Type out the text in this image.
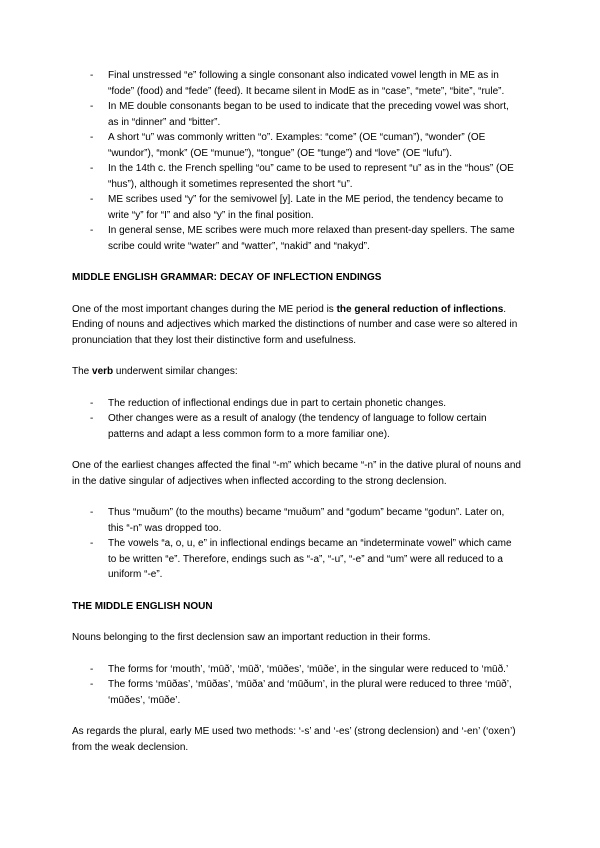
- Final unstressed “e” following a single consonant also indicated vowel length in ME as in “fode” (food) and “fede” (feed). It became silent in ModE as in “case”, “mete”, “bite”, “rule”.
- In ME double consonants began to be used to indicate that the preceding vowel was short, as in “dinner” and “bitter”.
- A short “u” was commonly written “o”. Examples: “come” (OE “cuman”), “wonder” (OE “wundor”), “monk” (OE “munue”), “tongue” (OE “tunge”) and “love” (OE “lufu”).
- In the 14th c. the French spelling “ou” came to be used to represent “u” as in the “hous” (OE “hus”), although it sometimes represented the short “u”.
- ME scribes used “y” for the semivowel [y]. Late in the ME period, the tendency became to write “y” for “I” and also “y” in the final position.
- In general sense, ME scribes were much more relaxed than present-day spellers. The same scribe could write “water” and “watter”, “nakid” and “nakyd”.
MIDDLE ENGLISH GRAMMAR: DECAY OF INFLECTION ENDINGS

One of the most important changes during the ME period is the general reduction of inflections. Ending of nouns and adjectives which marked the distinctions of number and case were so altered in pronunciation that they lost their distinctive form and usefulness.

The verb underwent similar changes:

- The reduction of inflectional endings due in part to certain phonetic changes.
- Other changes were as a result of analogy (the tendency of language to follow certain patterns and adapt a less common form to a more familiar one).

One of the earliest changes affected the final “-m” which became “-n” in the dative plural of nouns and in the dative singular of adjectives when inflected according to the strong declension.

- Thus “muðum” (to the mouths) became “muðum” and “godum” became “godun”. Later on, this “-n” was dropped too.
- The vowels “a, o, u, e” in inflectional endings became an “indeterminate vowel” which came to be written “e”. Therefore, endings such as “-a”, “-u”, “-e” and “um” were all reduced to a uniform “-e”.
THE MIDDLE ENGLISH NOUN

Nouns belonging to the first declension saw an important reduction in their forms.

- The forms for ‘mouth’, ‘mūð’, ‘mūð’, ‘mūðes’, ‘mūðe’, in the singular were reduced to ‘mūð.’
- The forms ‘mūðas’, ‘mūðas’, ‘mūða’ and ‘mūðum’, in the plural were reduced to three ‘mūð’, ‘mūðes’, ‘mūðe’.

As regards the plural, early ME used two methods: ‘-s’ and ‘-es’ (strong declension) and ‘-en’ (‘oxen’) from the weak declension.
